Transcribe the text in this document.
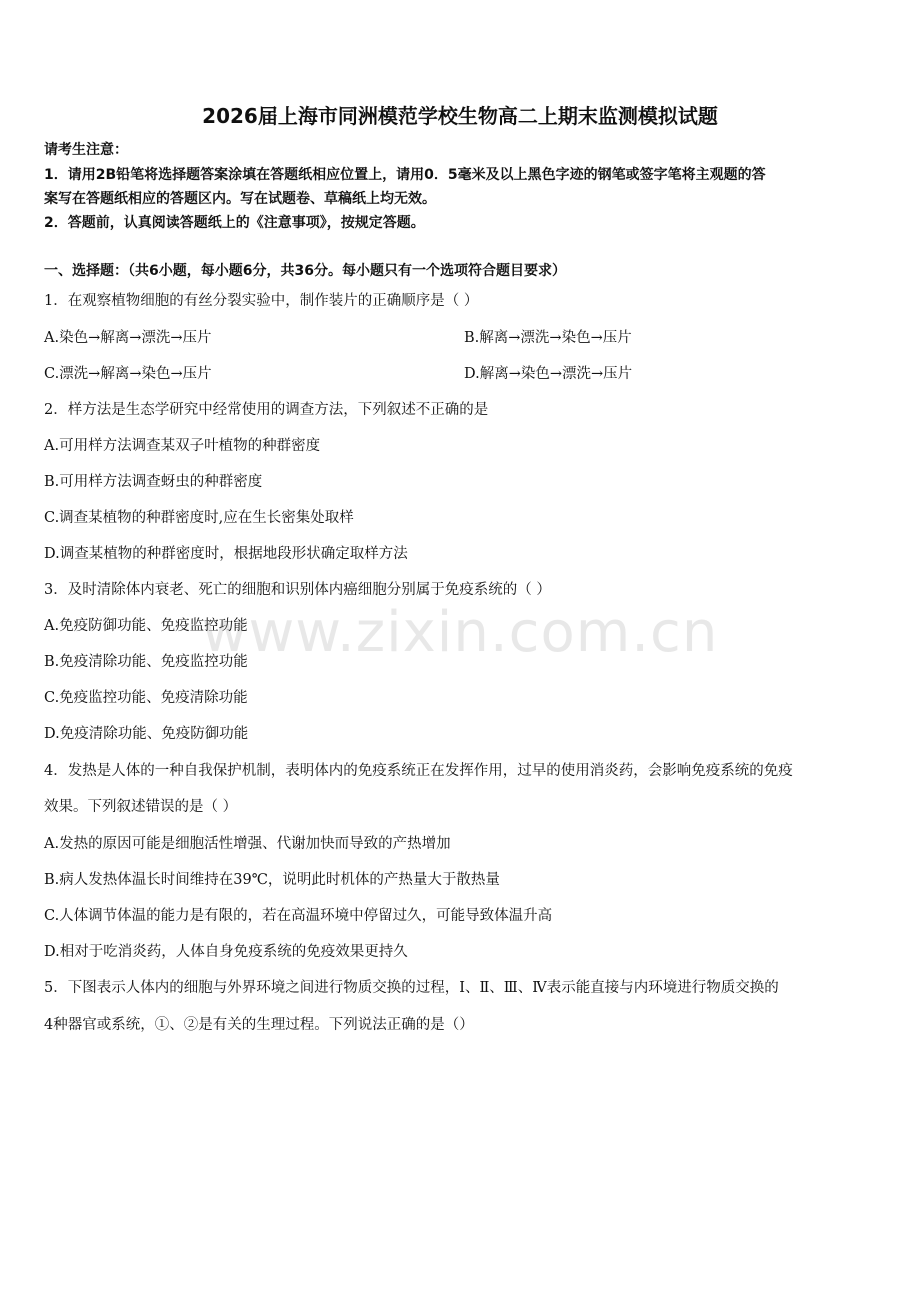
2026届上海市同洲模范学校生物高二上期末监测模拟试题
请考生注意：
1．请用2B铅笔将选择题答案涂填在答题纸相应位置上，请用0．5毫米及以上黑色字迹的钢笔或签字笔将主观题的答
案写在答题纸相应的答题区内。写在试题卷、草稿纸上均无效。
2．答题前，认真阅读答题纸上的《注意事项》，按规定答题。
一、选择题：（共6小题，每小题6分，共36分。每小题只有一个选项符合题目要求）
1．在观察植物细胞的有丝分裂实验中，制作装片的正确顺序是（ ）
A.染色→解离→漂洗→压片	B.解离→漂洗→染色→压片
C.漂洗→解离→染色→压片	D.解离→染色→漂洗→压片
2．样方法是生态学研究中经常使用的调查方法，下列叙述不正确的是
A.可用样方法调查某双子叶植物的种群密度
B.可用样方法调查蚜虫的种群密度
C.调查某植物的种群密度时,应在生长密集处取样
D.调查某植物的种群密度时，根据地段形状确定取样方法
3．及时清除体内衰老、死亡的细胞和识别体内癌细胞分别属于免疫系统的（ ）
A.免疫防御功能、免疫监控功能
B.免疫清除功能、免疫监控功能
C.免疫监控功能、免疫清除功能
D.免疫清除功能、免疫防御功能
4．发热是人体的一种自我保护机制，表明体内的免疫系统正在发挥作用，过早的使用消炎药，会影响免疫系统的免疫
效果。下列叙述错误的是（ ）
A.发热的原因可能是细胞活性增强、代谢加快而导致的产热增加
B.病人发热体温长时间维持在39℃，说明此时机体的产热量大于散热量
C.人体调节体温的能力是有限的，若在高温环境中停留过久，可能导致体温升高
D.相对于吃消炎药，人体自身免疫系统的免疫效果更持久
5．下图表示人体内的细胞与外界环境之间进行物质交换的过程，Ⅰ、Ⅱ、Ⅲ、Ⅳ表示能直接与内环境进行物质交换的
4种器官或系统，①、②是有关的生理过程。下列说法正确的是（）
www.zixin.com.cn
